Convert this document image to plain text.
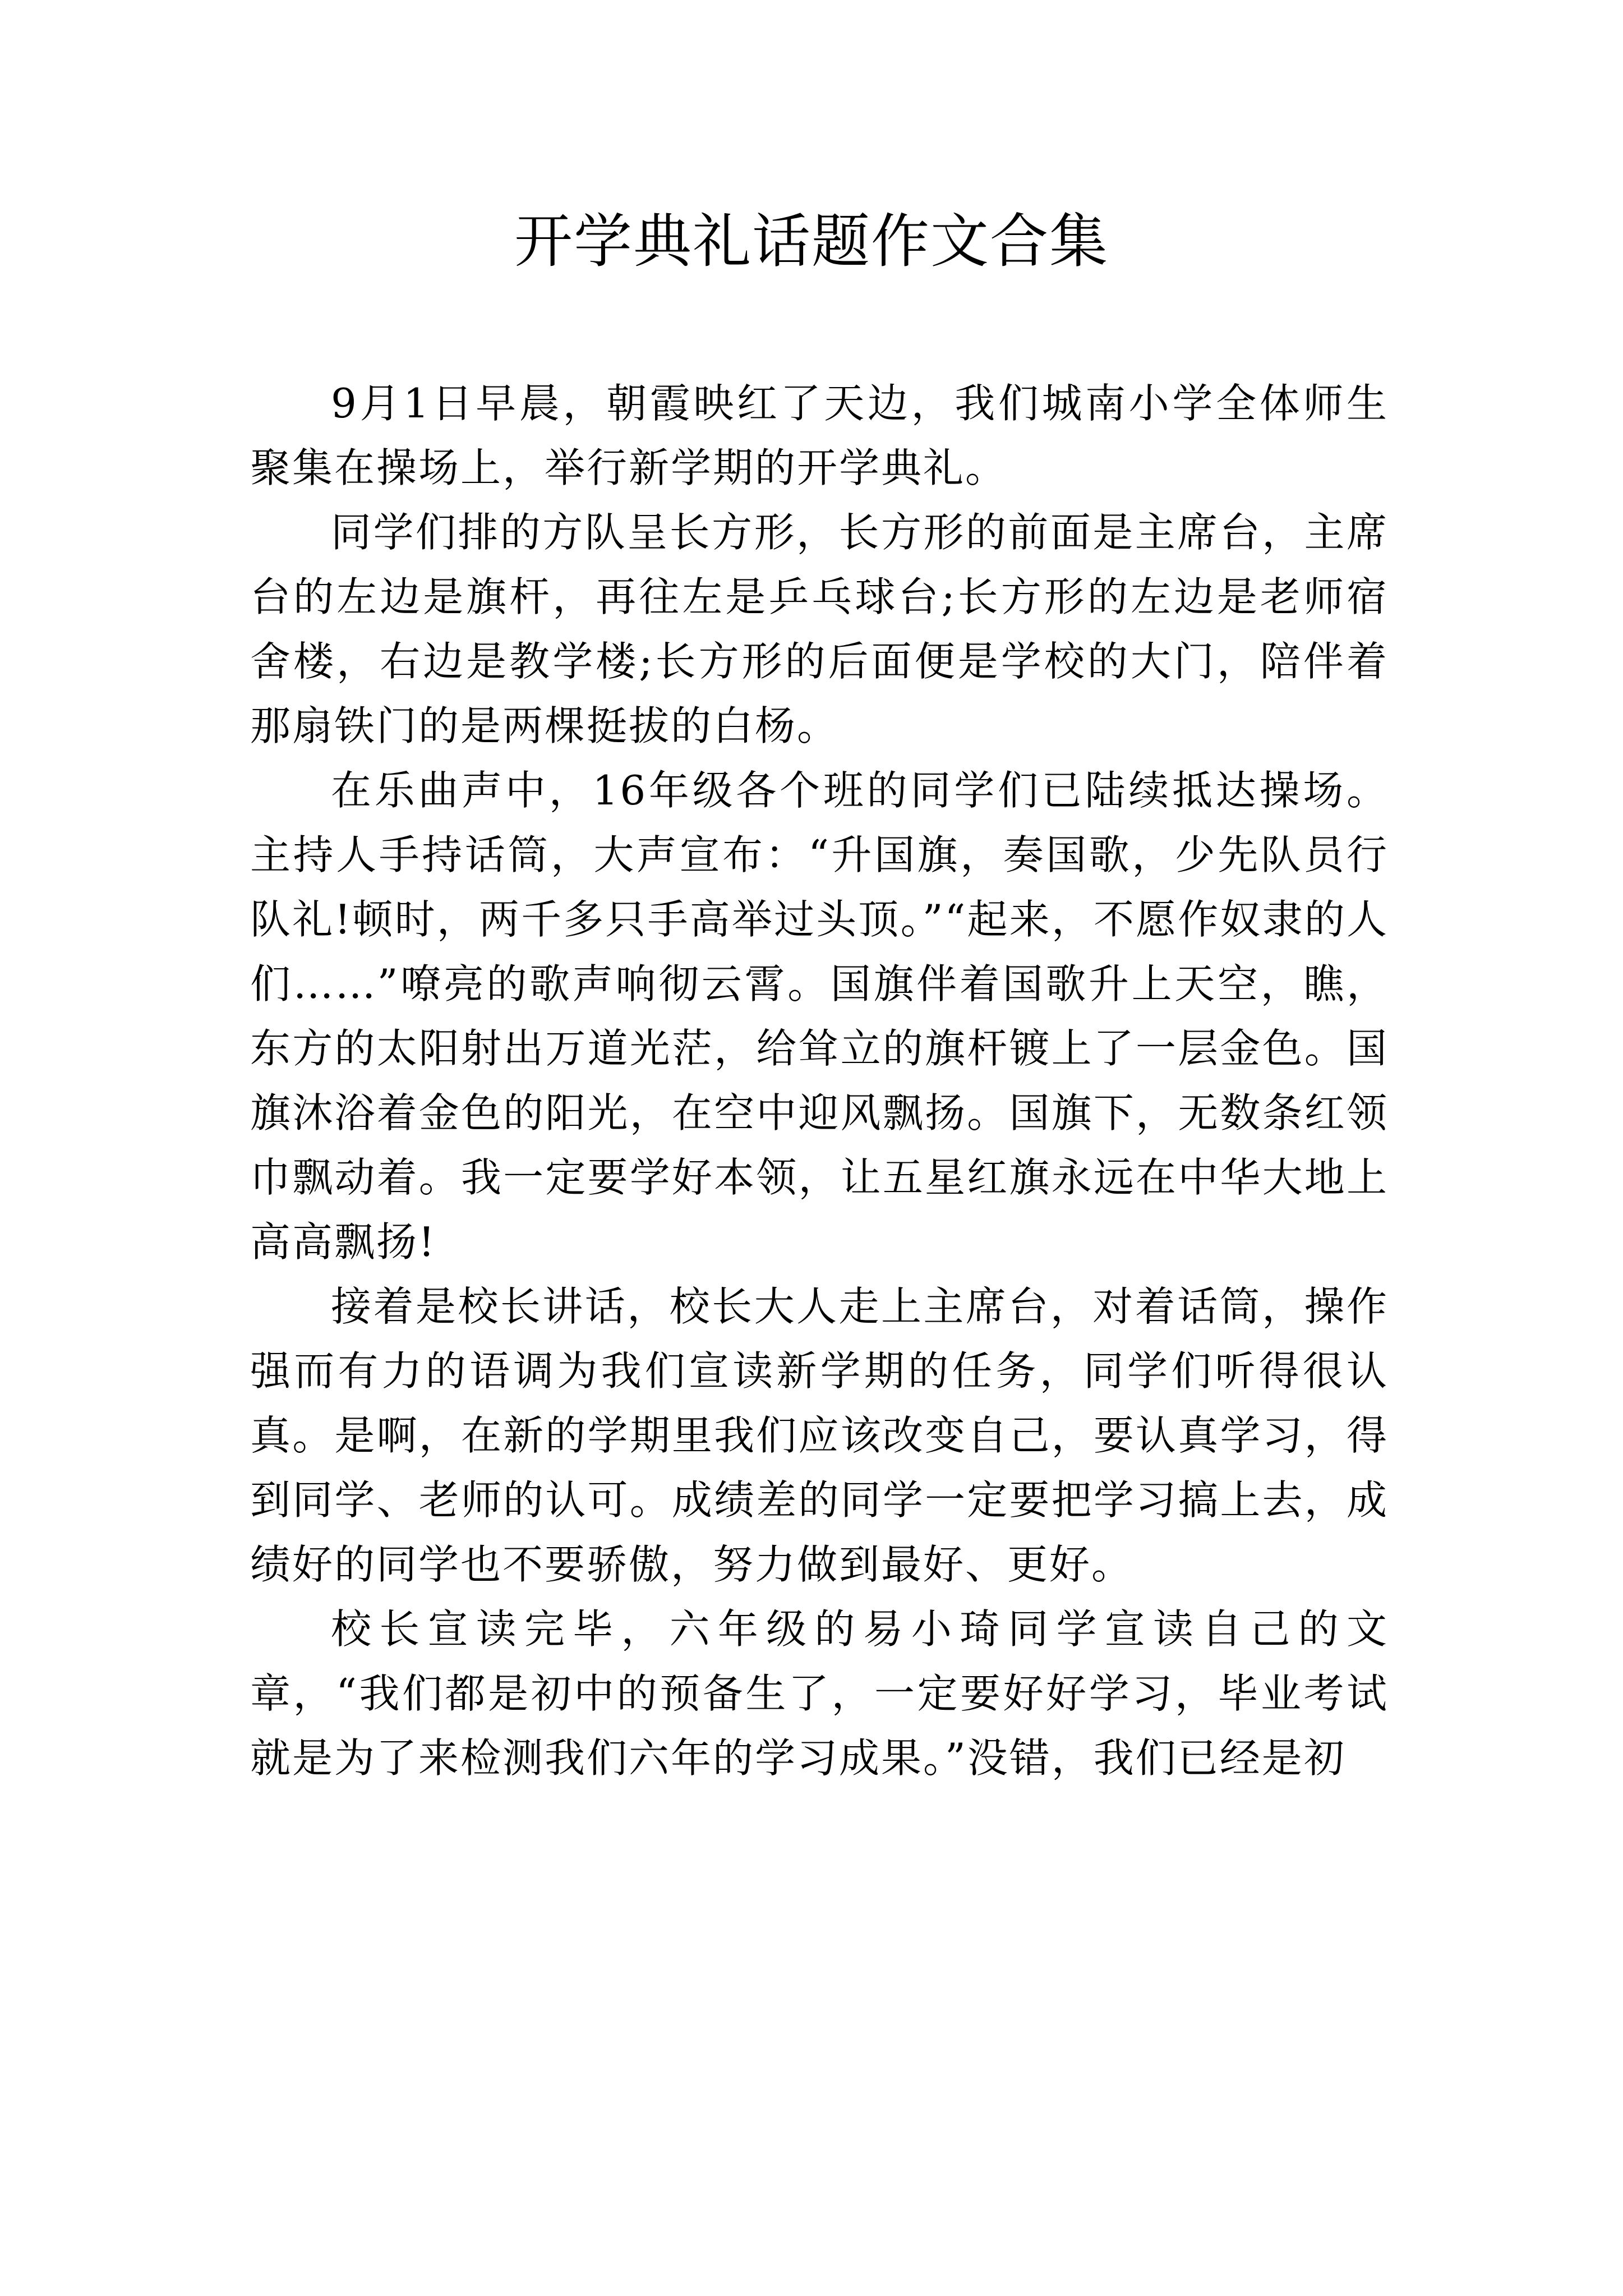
开学典礼话题作文合集

9月1日早晨，朝霞映红了天边，我们城南小学全体师生聚集在操场上，举行新学期的开学典礼。

同学们排的方队呈长方形，长方形的前面是主席台，主席台的左边是旗杆，再往左是乒乓球台;长方形的左边是老师宿舍楼，右边是教学楼;长方形的后面便是学校的大门，陪伴着那扇铁门的是两棵挺拔的白杨。

在乐曲声中，16年级各个班的同学们已陆续抵达操场。主持人手持话筒，大声宣布：“升国旗，奏国歌，少先队员行队礼!顿时，两千多只手高举过头顶。”“起来，不愿作奴隶的人们……”嘹亮的歌声响彻云霄。国旗伴着国歌升上天空，瞧，东方的太阳射出万道光茫，给耸立的旗杆镀上了一层金色。国旗沐浴着金色的阳光，在空中迎风飘扬。国旗下，无数条红领巾飘动着。我一定要学好本领，让五星红旗永远在中华大地上高高飘扬!

接着是校长讲话，校长大人走上主席台，对着话筒，操作强而有力的语调为我们宣读新学期的任务，同学们听得很认真。是啊，在新的学期里我们应该改变自己，要认真学习，得到同学、老师的认可。成绩差的同学一定要把学习搞上去，成绩好的同学也不要骄傲，努力做到最好、更好。

校长宣读完毕，六年级的易小琦同学宣读自己的文章，“我们都是初中的预备生了，一定要好好学习，毕业考试就是为了来检测我们六年的学习成果。”没错，我们已经是初
